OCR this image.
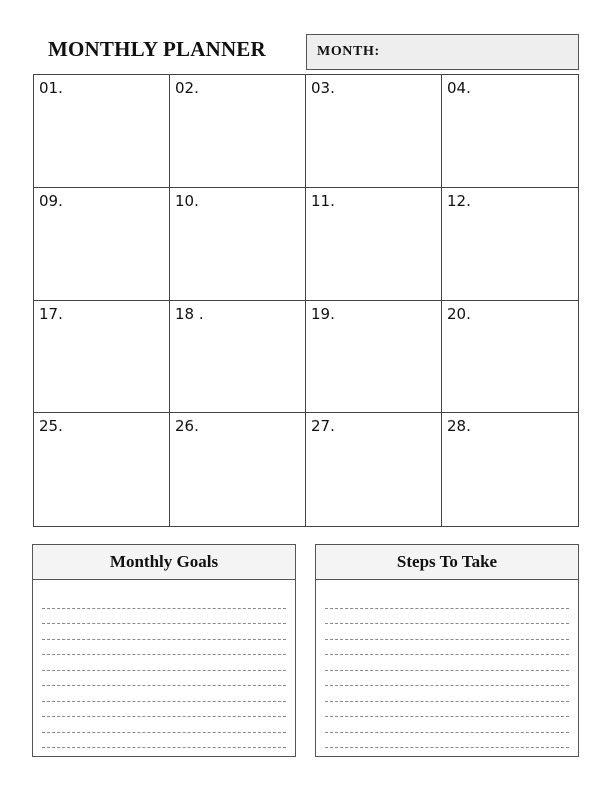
MONTHLY PLANNER	MONTH:
01.	02.	03.	04.
09.	10.	11.	12.
17.	18 .	19.	20.
25.	26.	27.	28.
Monthly Goals	Steps To Take
